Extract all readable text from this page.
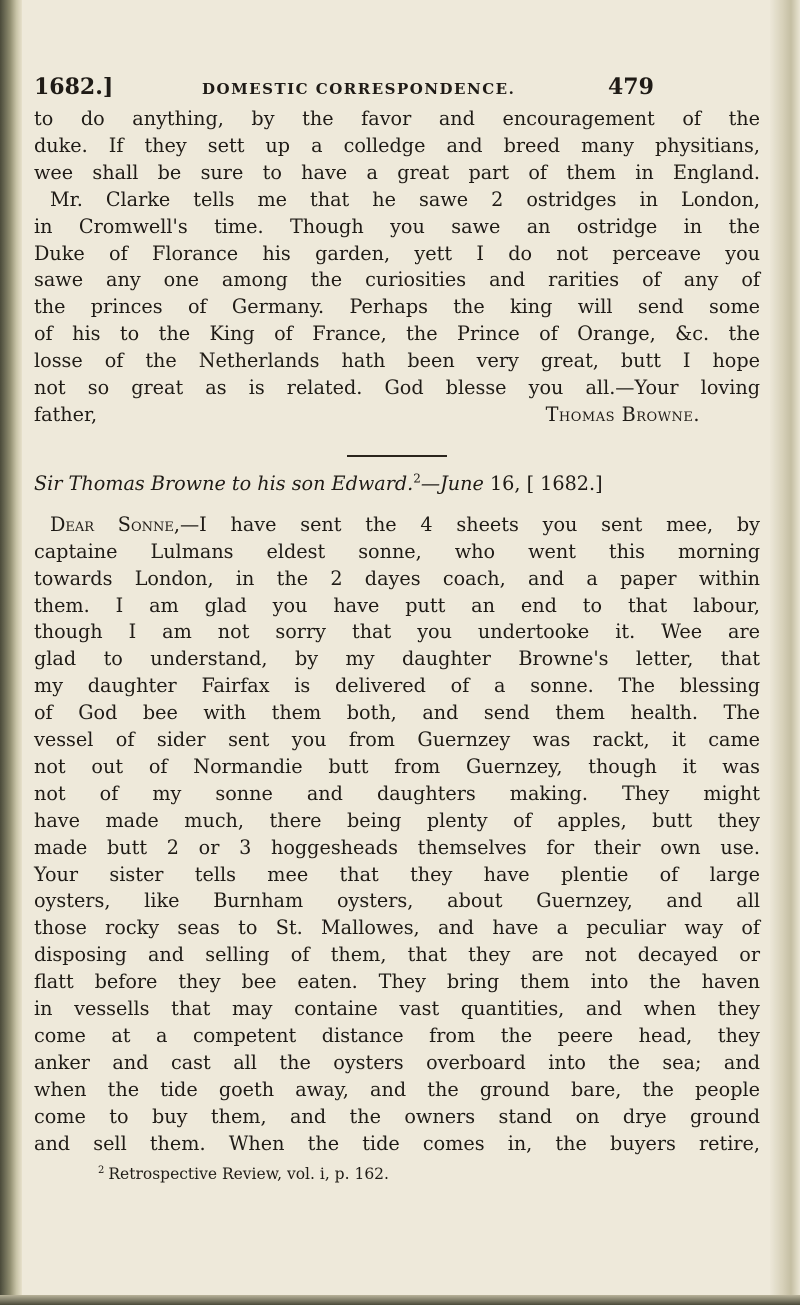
1682.]	DOMESTIC CORRESPONDENCE.	479
to do anything, by the favor and encouragement of the
duke. If they sett up a colledge and breed many physitians,
wee shall be sure to have a great part of them in England.
Mr. Clarke tells me that he sawe 2 ostridges in London,
in Cromwell's time. Though you sawe an ostridge in the
Duke of Florance his garden, yett I do not perceave you
sawe any one among the curiosities and rarities of any of
the princes of Germany. Perhaps the king will send some
of his to the King of France, the Prince of Orange, &c. the
losse of the Netherlands hath been very great, butt I hope
not so great as is related. God blesse you all.—Your loving
father,	Thomas Browne.
Sir Thomas Browne to his son Edward.$^2$—June 16, [ 1682.]
Dear Sonne,—I have sent the 4 sheets you sent mee, by
captaine Lulmans eldest sonne, who went this morning
towards London, in the 2 dayes coach, and a paper within
them. I am glad you have putt an end to that labour,
though I am not sorry that you undertooke it. Wee are
glad to understand, by my daughter Browne's letter, that
my daughter Fairfax is delivered of a sonne. The blessing
of God bee with them both, and send them health. The
vessel of sider sent you from Guernzey was rackt, it came
not out of Normandie butt from Guernzey, though it was
not of my sonne and daughters making. They might
have made much, there being plenty of apples, butt they
made butt 2 or 3 hoggesheads themselves for their own use.
Your sister tells mee that they have plentie of large
oysters, like Burnham oysters, about Guernzey, and all
those rocky seas to St. Mallowes, and have a peculiar way of
disposing and selling of them, that they are not decayed or
flatt before they bee eaten. They bring them into the haven
in vessells that may containe vast quantities, and when they
come at a competent distance from the peere head, they
anker and cast all the oysters overboard into the sea; and
when the tide goeth away, and the ground bare, the people
come to buy them, and the owners stand on drye ground
and sell them. When the tide comes in, the buyers retire,
$^2$ Retrospective Review, vol. i, p. 162.
